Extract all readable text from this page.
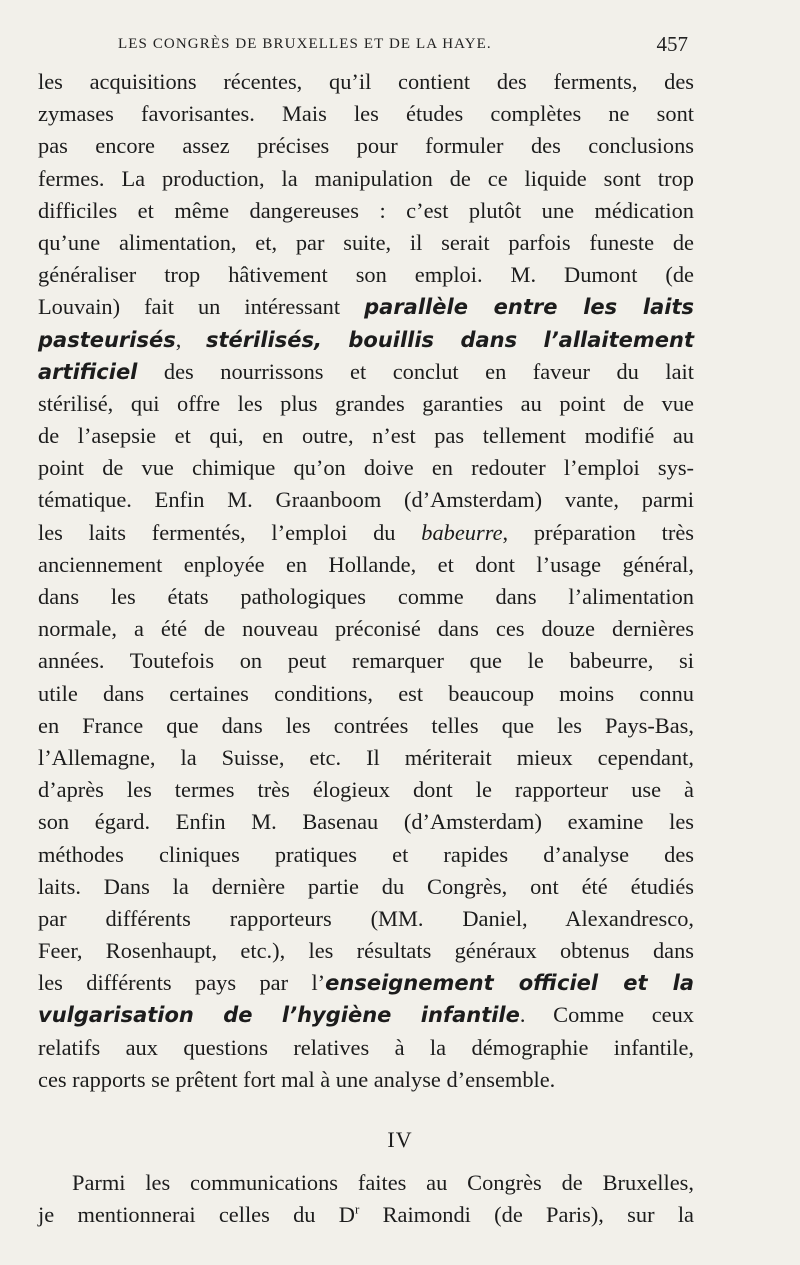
LES CONGRÈS DE BRUXELLES ET DE LA HAYE.	457
les acquisitions récentes, qu’il contient des ferments, des
zymases favorisantes. Mais les études complètes ne sont
pas encore assez précises pour formuler des conclusions
fermes. La production, la manipulation de ce liquide sont trop
difficiles et même dangereuses : c’est plutôt une médication
qu’une alimentation, et, par suite, il serait parfois funeste de
généraliser trop hâtivement son emploi. M. Dumont (de
Louvain) fait un intéressant parallèle entre les laits
pasteurisés, stérilisés, bouillis dans l’allaitement
artificiel des nourrissons et conclut en faveur du lait
stérilisé, qui offre les plus grandes garanties au point de vue
de l’asepsie et qui, en outre, n’est pas tellement modifié au
point de vue chimique qu’on doive en redouter l’emploi sys-
tématique. Enfin M. Graanboom (d’Amsterdam) vante, parmi
les laits fermentés, l’emploi du babeurre, préparation très
anciennement enployée en Hollande, et dont l’usage général,
dans les états pathologiques comme dans l’alimentation
normale, a été de nouveau préconisé dans ces douze dernières
années. Toutefois on peut remarquer que le babeurre, si
utile dans certaines conditions, est beaucoup moins connu
en France que dans les contrées telles que les Pays-Bas,
l’Allemagne, la Suisse, etc. Il mériterait mieux cependant,
d’après les termes très élogieux dont le rapporteur use à
son égard. Enfin M. Basenau (d’Amsterdam) examine les
méthodes cliniques pratiques et rapides d’analyse des
laits. Dans la dernière partie du Congrès, ont été étudiés
par différents rapporteurs (MM. Daniel, Alexandresco,
Feer, Rosenhaupt, etc.), les résultats généraux obtenus dans
les différents pays par l’enseignement officiel et la
vulgarisation de l’hygiène infantile. Comme ceux
relatifs aux questions relatives à la démographie infantile,
ces rapports se prêtent fort mal à une analyse d’ensemble.
IV
Parmi les communications faites au Congrès de Bruxelles,
je mentionnerai celles du $D^r$ Raimondi (de Paris), sur la
